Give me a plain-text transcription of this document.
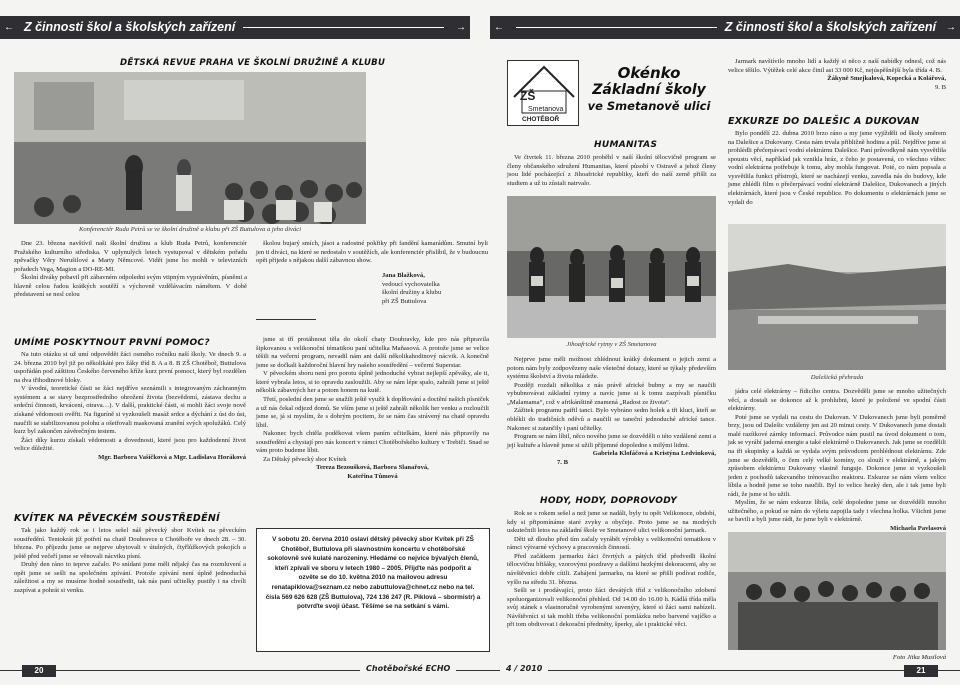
← Z činnosti škol a školských zařízení	→	←	Z činnosti škol a školských zařízení	→
DĚTSKÁ REVUE PRAHA VE ŠKOLNÍ DRUŽINĚ A KLUBU
Konferenciér Ruda Petrů se ve školní družině a klubu při ZŠ Buttulova a jeho diváci

Dne 23. března navštívil naši školní družinu a klub Ruda Petrů, konferenciér Pražského kulturního střediska. V uplynulých letech vystupoval v dětském pořadu zpěvačky Věry Nerušilové a Marty Němcové. Vidět jsme ho mohli v televizních pořadech Vega, Magion a DO-RE-MI.

Školní diváky pobavil při zábavném odpoledni svým vtipným vyprávěním, písněmi a hlavně celou řadou krátkých soutěží s výchovně vzdělávacím námětem. V době představení se nesl celou

školou bujarý smích, jásot a radostné pokřiky při fandění kamarádům. Smutní byli jen ti diváci, na které se nedostalo v soutěžích, ale konferenciér přislíbil, že v budoucnu opět přijede s nějakou další zábavnou show.

Jana Blažková,
vedoucí vychovatelka
školní družiny a klubu
při ZŠ Buttulova
UMÍME POSKYTNOUT PRVNÍ POMOC?

Na tuto otázku si už umí odpovědět žáci osmého ročníku naší školy. Ve dnech 9. a 24. března 2010 byl již po několikáté pro žáky tříd 8. A a 8. B ZŠ Chotěboř, Buttulova uspořádán pod záštitou Českého červeného kříže kurz první pomoci, který byl rozdělen na dva třihodinové bloky.

V úvodní, teoretické části se žáci nejdříve seznámili s integrovaným záchranným systémem a se stavy bezprostředního ohrožení života (bezvědomí, zástava dechu a srdeční činnosti, krvácení, otrava…). V další, praktické části, si mohli žáci svoje nově získané vědomosti ověřit. Na figuríně si vyzkoušeli masáž srdce a dýchání z úst do úst, naučili se stabilizovanou polohu a ošetřovali maskovaná zranění svých spolužáků. Celý kurz byl zakončen závěrečným testem.

Žáci díky kurzu získali vědomosti a dovednosti, které jsou pro každodenní život velice důležité.

Mgr. Barbora Vašíčková a Mgr. Ladislava Horáková
KVÍTEK NA PĚVECKÉM SOUSTŘEDĚNÍ

Tak jako každý rok se i letos sešel náš pěvecký sbor Kvítek na pěveckém soustředění. Tentokrát již potřetí na chatě Doubravce u Chotěboře ve dnech 28. – 30. března. Po příjezdu jsme se nejprve ubytovali v útulných, čtyřlůžkových pokojích a ještě před večeří jsme se věnovali nácviku písní.

Druhý den ráno to teprve začalo. Po snídani jsme měli nějaký čas na rozmluvení a opět jsme se sešli na společném zpívání. Protože zpívání není úplně jednoduchá záležitost a my se musíme hodně soustředit, tak nás paní učitelky pustily i na chvíli zazpívat a pohrát si venku.

jsme si tří protáhnout těla do okolí chaty Doubravky, kde pro nás připravila šipkovanou s velikonoční tématikou paní učitelka Maňasová. A protože jsme se velice těšili na večerní program, nevadil nám ani další několikahodinový nácvik. A konečně jsme se dočkali každoroční hlavní hry našeho soustředění – večerní Superstar.

V pěveckém sboru není pro porotu úplně jednoduché vybrat nejlepší zpěváky, ale ti, které vybrala letos, si to opravdu zasloužili. Aby se nám lépe spalo, zahráli jsme si ještě několik zábavných her a potom honem na kutě.

Třetí, poslední den jsme se snažili ještě využít k doplňování a doctění našich písniček a už nás čekal odjezd domů. Se vším jsme si ještě zahráli několik her venku a rozloučili jsme se, já si myslím, že s dobrým pocitem, že se nám čas strávený na chatě opravdu líbil.

Nakonec bych chtěla poděkovat všem paním učitelkám, které nás připravily na soustředění a chystají pro nás koncert v rámci Chotěbořského kultury v Trebiči. Snad se vám proto budeme líbit.

Za Dětský pěvecký sbor Kvítek
Tereza Bezoušková, Barbora Slanařová,
Kateřina Tůmová
V sobotu 20. června 2010 oslaví dětský pěvecký sbor Kvítek při ZŠ Chotěboř, Buttulova při slavnostním koncertu v chotěbořské sokolovně své kulaté narozeniny. Hledáme co nejvíce bývalých členů, kteří zpívali ve sboru v letech 1980 – 2005. Přijďte nás podpořit a ozvěte se do 10. května 2010 na mailovou adresu renatapiklova@seznam.cz nebo zabuttulova@chnet.cz nebo na tel. čísla 569 626 628 (ZŠ Buttulova), 724 136 247 (R. Piklová – sbormistr) a potvrďte svoji účast. Těšíme se na setkání s vámi.
ZŠ
Smetanova
CHOTĚBOŘ
Okénko
Základní školy
ve Smetanově ulici
HUMANITAS

Ve čtvrtek 11. března 2010 proběhl v naší školní tělocvičně program se členy občanského sdružení Humanitas, které působí v Ostravě a jehož členy jsou lidé pocházející z Jihoafrické republiky, kteří do naší země přišli za studiem a už tu zůstali natrvalo.

Jihoafrické rytmy v ZŠ Smetanova

Nejprve jsme měli možnost zhlédnout krátký dokument o jejich zemi a potom nám byly zodpovězeny naše všetečné dotazy, které se týkaly především systému školství a života mládeže.

Později rozdali několika z nás právě africké bubny a my se naučili vybubnovávat základní rytmy a navíc jsme si k tomu zazpívali písničku „Malamama“, což v afrikánštině znamená „Radost ze života“.

Zážitek programu patřil tanci. Bylo vybráno sedm holek a tři kluci, kteří se oblékli do tradičních oděvů a naučili se taneční jednoduché africké tance. Nakonec si zatančily i paní učitelky.

Program se nám líbil, něco nového jsme se dozvěděli o této vzdálené zemi a její kultuře a hlavně jsme si užili příjemné dopoledne s milými lidmi.

Gabriela Klofáčová a Kristýna Ledvinková,
7. B
HODY, HODY, DOPROVODY

Rok se s rokem sešel a než jsme se nadáli, byly tu opět Velikonoce, období, kdy si připomínáme staré zvyky a obyčeje. Proto jsme se na modrých uskutečnili letos na základní škole ve Smetanově ulici velikonoční jarmark.

Děti už dlouho před tím začaly vyrábět výrobky s velikonoční tematikou v rámci výtvarné výchovy a pracovních činností.

Před začátkem jarmarku žáci čtvrtých a pátých tříd předvedli školní tělocvičnu břišáky, vzorovými pozdravy a dalšími hezkými dekoracemi, aby se návštěvníci dobře cítili. Zahájení jarmarku, na které se přišli podívat rodiče, vyšlo na středu 31. března.

Sešli se i prodávající, proto žáci devátých tříd z velikonočního zdobení spoluorganizovali velikonoční přehled. Od 14.00 do 16.00 h. Kádlá třída měla svůj stánek s vlastnoručně vyrobenými suvenýry, které si žáci sami nabízeli. Návštěvníci si tak mohli třeba velikonoční pomlázku nebo barvené vajíčko a při tom obdivovat i dekorační předměty, šperky, ale i praktické věci.

Jarmark navštívilo mnoho lidí a každý si něco z naší nabídky odnesl, což nás velice těšilo. Výtěžek celé akce činil asi 33 000 Kč, nejúspěšnější byla třída 4. B.

Žákyně Smejkalová, Kopecká a Kolářová,
9. B
EXKURZE DO DALEŠIC A DUKOVAN

Bylo pondělí 22. dubna 2010 brzo ráno a my jsme vyjížděli od školy směrem na Dalešice a Dukovany. Cesta nám trvala přibližně hodinu a půl. Nejdříve jsme si prohlédli přečerpávací vodní elektrárnu Dalešice. Paní průvodkyně nám vysvětlila spoustu věcí, například jak vznikla hráz, z čeho je postavená, co všechno vůbec vodní elektrárna potřebuje k tomu, aby mohla fungovat. Poté, co nám popsala a vysvětlila funkci přístrojů, které se nacházejí venku, zavedla nás do budovy, kde jsme zhlédli film o přečerpávací vodní elektrárně Dalešice, Dukovanech a jiných elektrárnách, které jsou v České republice. Po dokumentu o elektrárnách jsme se vydali do

Dalešická přehrada

jádra celé elektrárny – řídicího centra. Dozvěděli jsme se mnoho užitečných věcí, a dostali se dokonce až k prohlubni, které je položené ve spodní části elektrárny.

Poté jsme se vydali na cestu do Dukovan. V Dukovanech jsme byli poměrně brzy, jsou od Dalešic vzdáleny jen asi 20 minut cesty. V Dukovanech jsme dostali malé razítkové zárnky informací. Průvodce nám pustil na úvod dokument o tom, jak se vyrábí jaderná energie a také elektrárně o Dukovanech. Jak jsme se rozdělili na tři skupinky a každá se vydala svým průvodcem prohlédnout elektrárnu. Zde jsme se dozvěděli, o čem celý velké komíny, co slouží v elektrárně, a jakým způsobem elektrárnu Dukovany vlastně funguje. Dokonce jsme si vyzkoušeli jeden z pochodů takzvaného trénovacího reaktoru. Exkurze se nám všem velice líbila a hodně jsme se toho naučili. Byl to velice hezký den, ale i tak jsme byli rádi, že jsme si ho užili.

Myslím, že se nám exkurze líbila, celé dopoledne jsme se dozvěděli mnoho užitečného, a pokud se nám do výletu zapojila tady i všechna holka. Všichni jsme se bavili a byli jsme rádi, že jsme byli v elektrárně.

Michaela Pavlasová
Foto Jitka Musilová
20	Chotěbořské ECHO	4 / 2010	21
